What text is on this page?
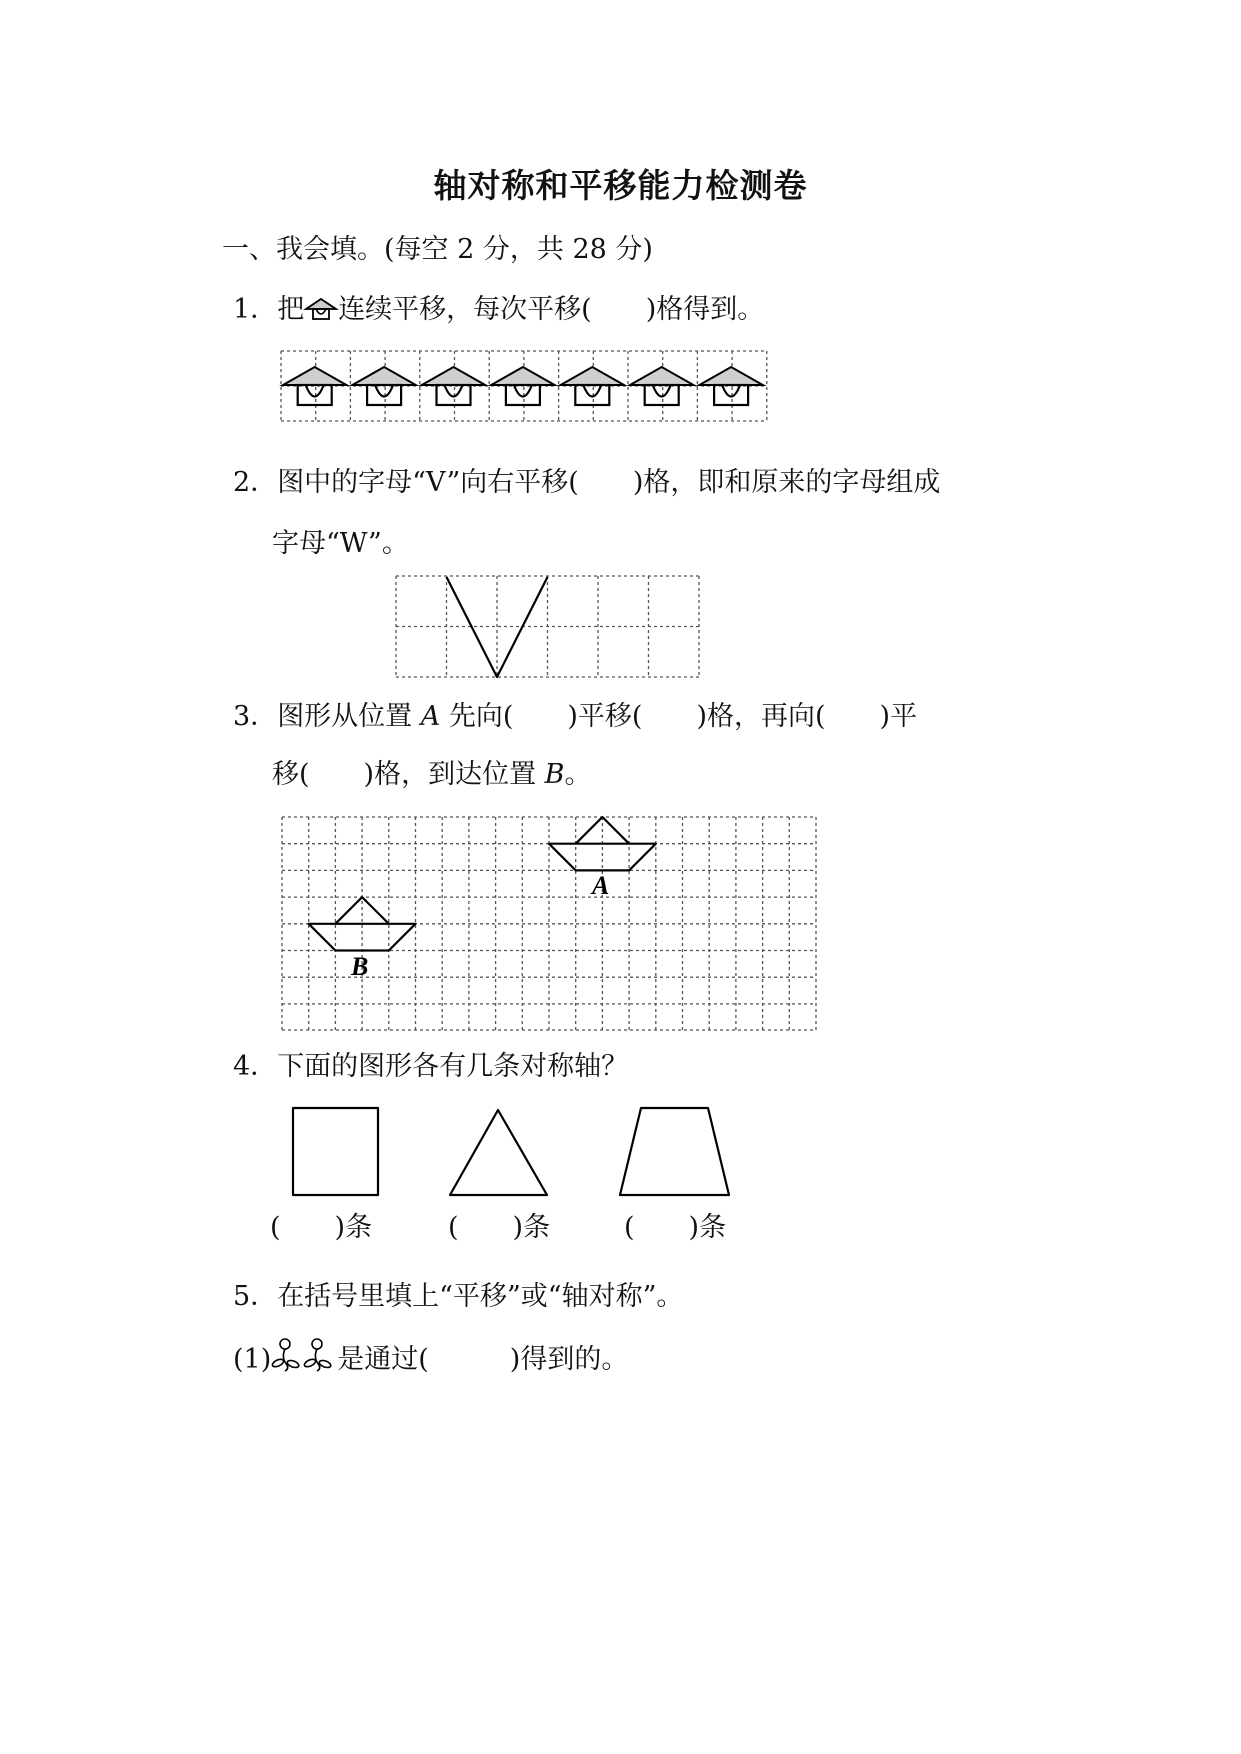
轴对称和平移能力检测卷
一、我会填。(每空 2 分，共 28 分)
1．把 连续平移，每次平移(　　)格得到。
2．图中的字母“V”向右平移(　　)格，即和原来的字母组成
字母“W”。
3．图形从位置 A 先向(　　)平移(　　)格，再向(　　)平
移(　　)格，到达位置 B。
A
B
4．下面的图形各有几条对称轴？
(　　)条	(　　)条	(　　)条
5．在括号里填上“平移”或“轴对称”。
(1) 是通过(　　　)得到的。
